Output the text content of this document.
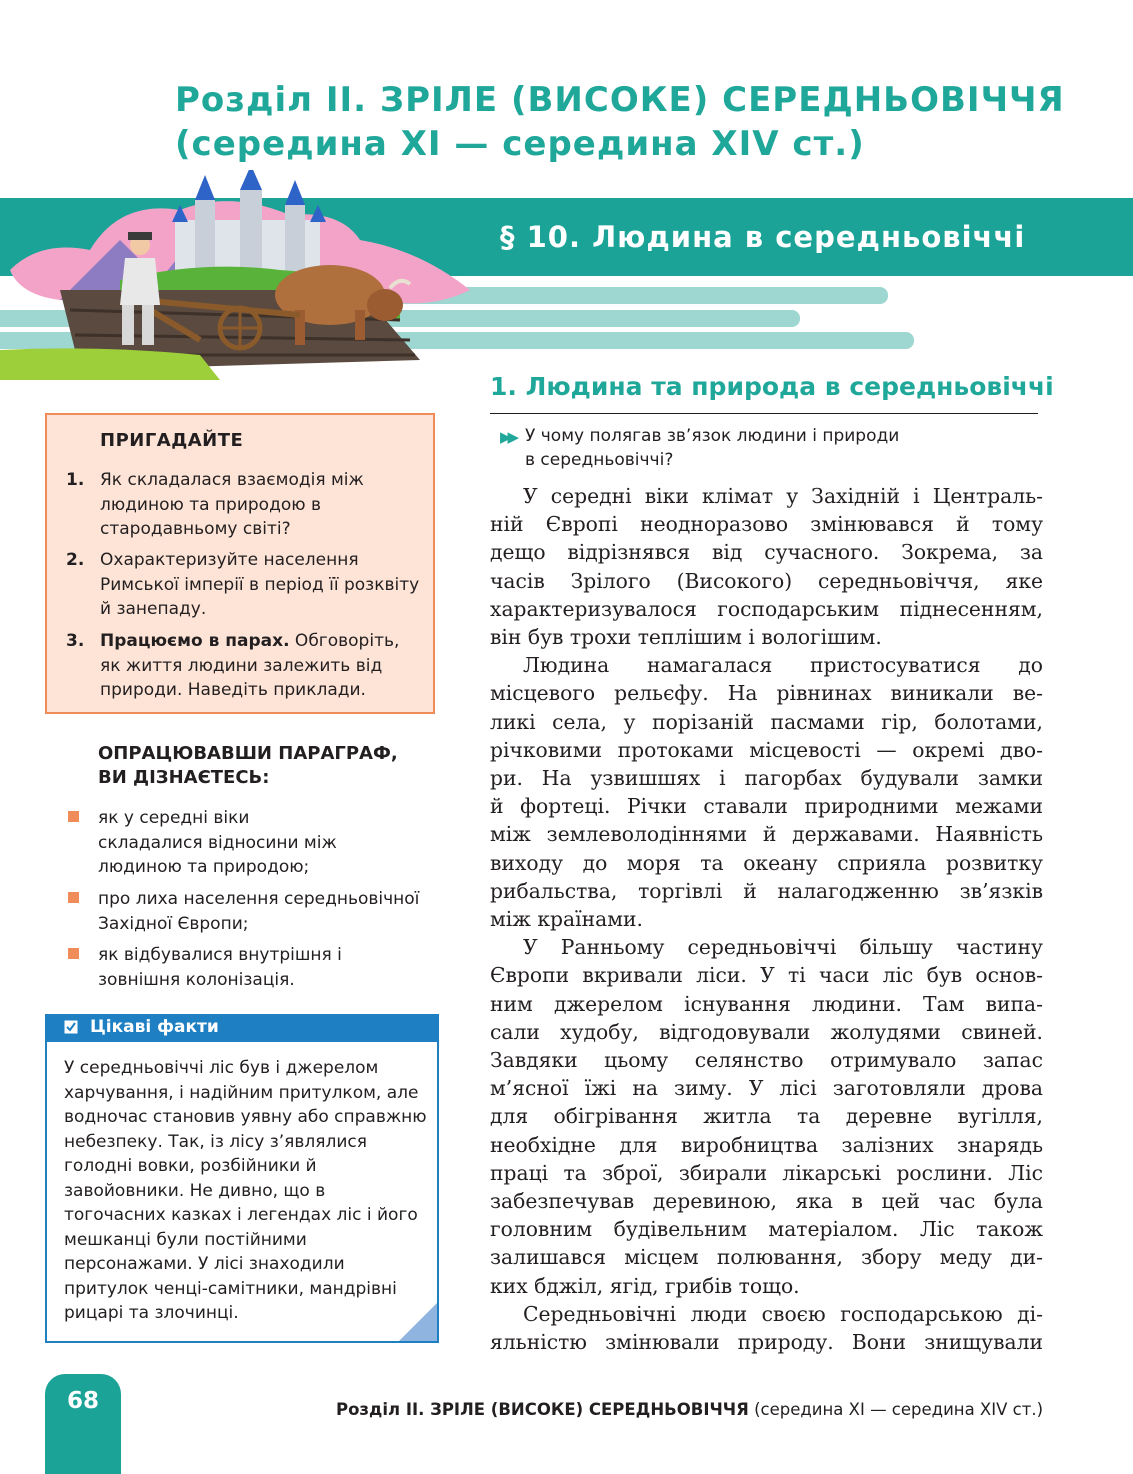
Розділ ІІ. ЗРІЛЕ (ВИСОКЕ) СЕРЕДНЬОВІЧЧЯ
(середина ХІ — середина ХІV ст.)
§ 10. Людина в середньовіччі
1. Людина та природа в середньовіччі
▶▶ У чому полягав зв’язок людини і природи
в середньовіччі?
У середні віки клімат у Західній і Централь-
ній Європі неодноразово змінювався й тому
дещо відрізнявся від сучасного. Зокрема, за
часів Зрілого (Високого) середньовіччя, яке
характеризувалося господарським піднесенням,
він був трохи теплішим і вологішим.
Людина намагалася пристосуватися до
місцевого рельєфу. На рівнинах виникали ве-
ликі села, у порізаній пасмами гір, болотами,
річковими протоками місцевості — окремі дво-
ри. На узвишшях і пагорбах будували замки
й фортеці. Річки ставали природними межами
між землеволодіннями й державами. Наявність
виходу до моря та океану сприяла розвитку
рибальства, торгівлі й налагодженню зв’язків
між країнами.
У Ранньому середньовіччі більшу частину
Європи вкривали ліси. У ті часи ліс був основ-
ним джерелом існування людини. Там випа-
сали худобу, відгодовували жолудями свиней.
Завдяки цьому селянство отримувало запас
м’ясної їжі на зиму. У лісі заготовляли дрова
для обігрівання житла та деревне вугілля,
необхідне для виробництва залізних знарядь
праці та зброї, збирали лікарські рослини. Ліс
забезпечував деревиною, яка в цей час була
головним будівельним матеріалом. Ліс також
залишався місцем полювання, збору меду ди-
ких бджіл, ягід, грибів тощо.
Середньовічні люди своєю господарською ді-
яльністю змінювали природу. Вони знищували
ПРИГАДАЙТЕ
1. Як складалася взаємодія між людиною та природою в стародавньому світі?
2. Охарактеризуйте населення Римської імперії в період її розквіту й занепаду.
3. Працюємо в парах. Обговоріть, як життя людини залежить від природи. Наведіть приклади.
ОПРАЦЮВАВШИ ПАРАГРАФ,
ВИ ДІЗНАЄТЕСЬ:
як у середні віки складалися відносини між людиною та природою;
про лиха населення середньовічної Західної Європи;
як відбувалися внутрішня і зовнішня колонізація.
Цікаві факти
У середньовіччі ліс був і джерелом харчування, і надійним притулком, але водночас становив уявну або справжню небезпеку. Так, із лісу з’являлися голодні вовки, розбійники й завойовники. Не дивно, що в тогочасних казках і легендах ліс і його мешканці були постійними персонажами. У лісі знаходили притулок ченці-самітники, мандрівні рицарі та злочинці.
68	Розділ ІІ. ЗРІЛЕ (ВИСОКЕ) СЕРЕДНЬОВІЧЧЯ (середина ХІ — середина ХІV ст.)
